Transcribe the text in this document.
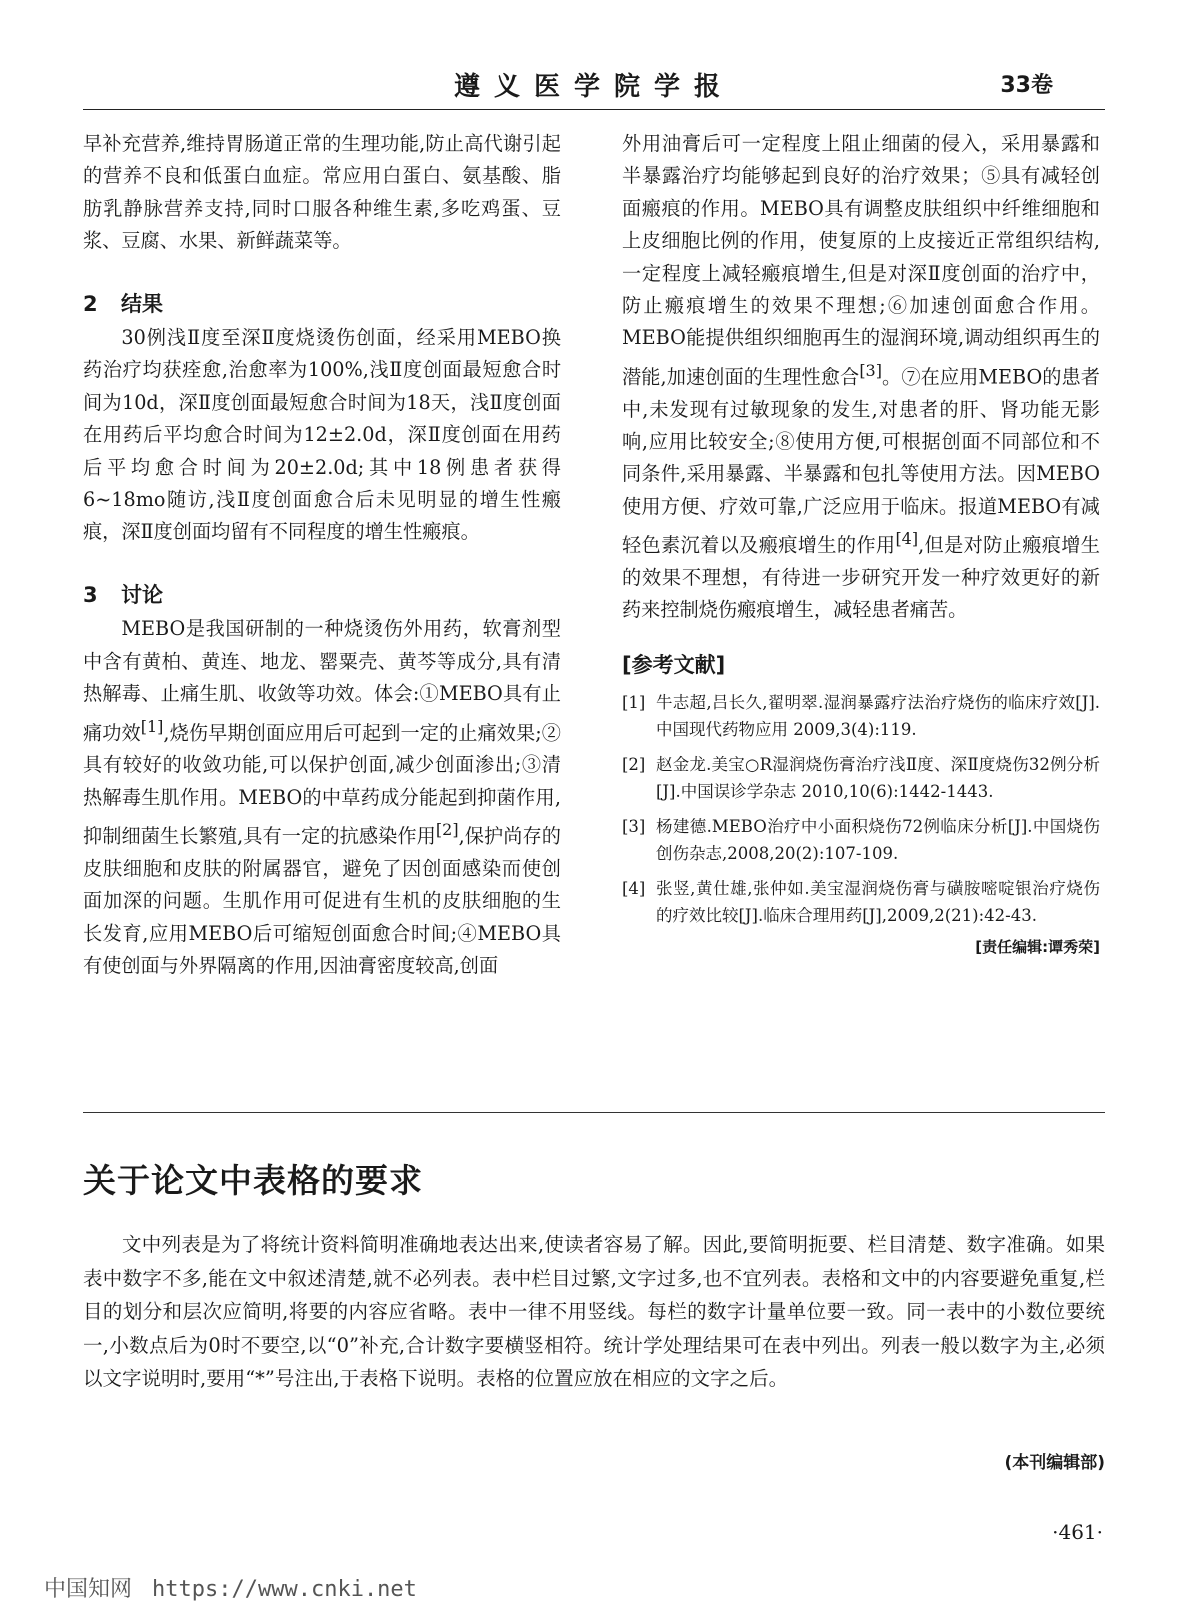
遵义医学院学报	33卷

早补充营养,维持胃肠道正常的生理功能,防止高代谢引起的营养不良和低蛋白血症。常应用白蛋白、氨基酸、脂肪乳静脉营养支持,同时口服各种维生素,多吃鸡蛋、豆浆、豆腐、水果、新鲜蔬菜等。

2 结果

30例浅Ⅱ度至深Ⅱ度烧烫伤创面，经采用MEBO换药治疗均获痊愈,治愈率为100%,浅Ⅱ度创面最短愈合时间为10d，深Ⅱ度创面最短愈合时间为18天，浅Ⅱ度创面在用药后平均愈合时间为12±2.0d，深Ⅱ度创面在用药后平均愈合时间为20±2.0d;其中18例患者获得6~18mo随访,浅Ⅱ度创面愈合后未见明显的增生性瘢痕，深Ⅱ度创面均留有不同程度的增生性瘢痕。

3 讨论

MEBO是我国研制的一种烧烫伤外用药，软膏剂型中含有黄柏、黄连、地龙、罂粟壳、黄芩等成分,具有清热解毒、止痛生肌、收敛等功效。体会:①MEBO具有止痛功效[1],烧伤早期创面应用后可起到一定的止痛效果;②具有较好的收敛功能,可以保护创面,减少创面渗出;③清热解毒生肌作用。MEBO的中草药成分能起到抑菌作用,抑制细菌生长繁殖,具有一定的抗感染作用[2],保护尚存的皮肤细胞和皮肤的附属器官，避免了因创面感染而使创面加深的问题。生肌作用可促进有生机的皮肤细胞的生长发育,应用MEBO后可缩短创面愈合时间;④MEBO具有使创面与外界隔离的作用,因油膏密度较高,创面

外用油膏后可一定程度上阻止细菌的侵入，采用暴露和半暴露治疗均能够起到良好的治疗效果；⑤具有减轻创面瘢痕的作用。MEBO具有调整皮肤组织中纤维细胞和上皮细胞比例的作用，使复原的上皮接近正常组织结构,一定程度上减轻瘢痕增生,但是对深Ⅱ度创面的治疗中，防止瘢痕增生的效果不理想;⑥加速创面愈合作用。MEBO能提供组织细胞再生的湿润环境,调动组织再生的潜能,加速创面的生理性愈合[3]。⑦在应用MEBO的患者中,未发现有过敏现象的发生,对患者的肝、肾功能无影响,应用比较安全;⑧使用方便,可根据创面不同部位和不同条件,采用暴露、半暴露和包扎等使用方法。因MEBO使用方便、疗效可靠,广泛应用于临床。报道MEBO有减轻色素沉着以及瘢痕增生的作用[4],但是对防止瘢痕增生的效果不理想，有待进一步研究开发一种疗效更好的新药来控制烧伤瘢痕增生，减轻患者痛苦。

[参考文献]
[1] 牛志超,吕长久,翟明翠.湿润暴露疗法治疗烧伤的临床疗效[J].中国现代药物应用 2009,3(4):119.
[2] 赵金龙.美宝○R湿润烧伤膏治疗浅Ⅱ度、深Ⅱ度烧伤32例分析[J].中国误诊学杂志 2010,10(6):1442-1443.
[3] 杨建德.MEBO治疗中小面积烧伤72例临床分析[J].中国烧伤创伤杂志,2008,20(2):107-109.
[4] 张竖,黄仕雄,张仲如.美宝湿润烧伤膏与磺胺嘧啶银治疗烧伤的疗效比较[J].临床合理用药[J],2009,2(21):42-43.
[责任编辑:谭秀荣]
关于论文中表格的要求

文中列表是为了将统计资料简明准确地表达出来,使读者容易了解。因此,要简明扼要、栏目清楚、数字准确。如果表中数字不多,能在文中叙述清楚,就不必列表。表中栏目过繁,文字过多,也不宜列表。表格和文中的内容要避免重复,栏目的划分和层次应简明,将要的内容应省略。表中一律不用竖线。每栏的数字计量单位要一致。同一表中的小数位要统一,小数点后为0时不要空,以“0”补充,合计数字要横竖相符。统计学处理结果可在表中列出。列表一般以数字为主,必须以文字说明时,要用“*”号注出,于表格下说明。表格的位置应放在相应的文字之后。

(本刊编辑部)
·461·
中国知网 https://www.cnki.net
